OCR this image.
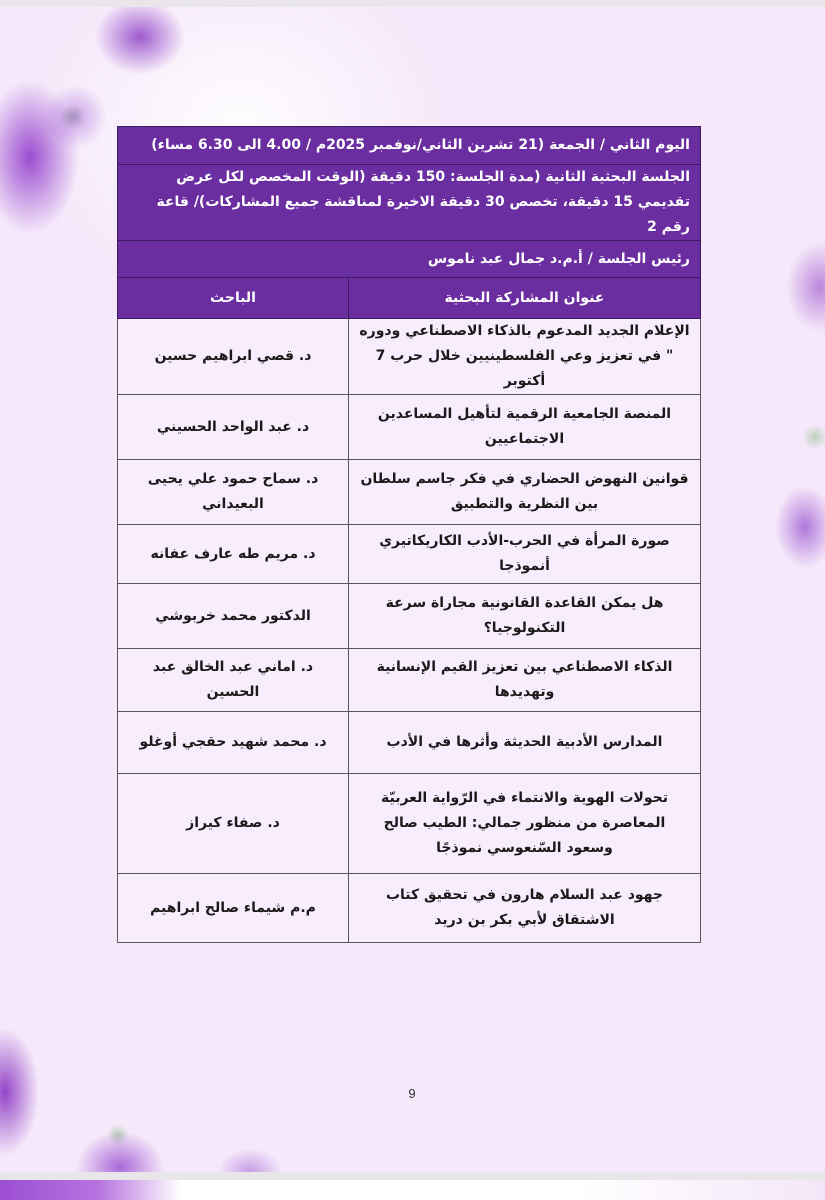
اليوم الثاني / الجمعة (21 تشرين الثاني/نوفمبر 2025م / 4.00 الى 6.30 مساء)	
الجلسة البحثية الثانية (مدة الجلسة: 150 دقيقة (الوقت المخصص لكل عرض تقديمي 15 دقيقة، تخصص 30 دقيقة الاخيرة لمناقشة جميع المشاركات)/ قاعة رقم 2	
رئيس الجلسة / أ.م.د جمال عبد ناموس	
عنوان المشاركة البحثية	الباحث
الإعلام الجديد المدعوم بالذكاء الاصطناعي ودوره " في تعزيز وعي الفلسطينيين خلال حرب 7 أكتوبر	د. قصي ابراهيم حسين
المنصة الجامعية الرقمية لتأهيل المساعدين الاجتماعيين	د. عبد الواحد الحسيني
قوانين النهوض الحضاري في فكر جاسم سلطان بين النظرية والتطبيق	د. سماح حمود علي يحيى البعيداني
صورة المرأة في الحرب-الأدب الكاريكاتيري أنموذجا	د. مريم طه عارف عفانه
هل يمكن القاعدة القانونية مجاراة سرعة التكنولوجيا؟	الدكتور محمد خربوشي
الذكاء الاصطناعي بين تعزيز القيم الإنسانية وتهديدها	د. اماني عبد الخالق عبد الحسين
المدارس الأدبية الحديثة وأثرها في الأدب	د. محمد شهيد حقجي أوغلو
تحولات الهوية والانتماء في الرّواية العربيّة المعاصرة من منظور جمالي: الطيب صالح وسعود السّنعوسي نموذجًا	د. صفاء كيراز
جهود عبد السلام هارون في تحقيق كتاب الاشتقاق لأبي بكر بن دريد	م.م شيماء صالح ابراهيم
9
